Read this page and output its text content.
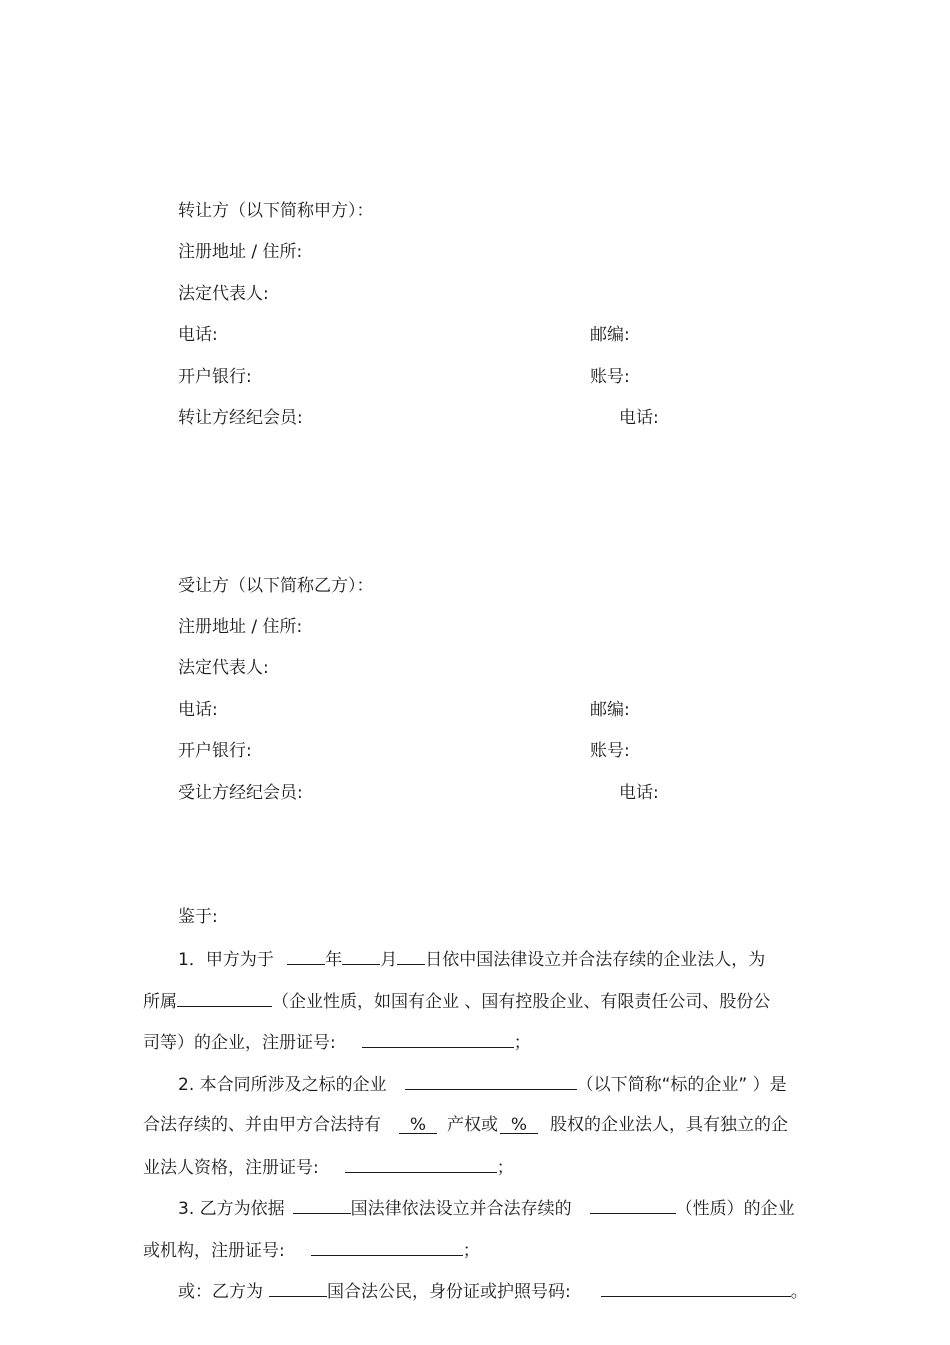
转让方（以下简称甲方）：
注册地址 / 住所:
法定代表人:
电话:	邮编:
开户银行:	账号:
转让方经纪会员:	电话:
受让方（以下简称乙方）：
注册地址 / 住所:
法定代表人:
电话:	邮编:
开户银行:	账号:
受让方经纪会员:	电话:
鉴于:
1．甲方为于	年 月 日依中国法律设立并合法存续的企业法人，为
所属	（企业性质，如国有企业 、国有控股企业、有限责任公司、股份公
司等）的企业，注册证号:	；
2. 本合同所涉及之标的企业	（以下简称“标的企业” ）是
合法存续的、并由甲方合法持有 % 产权或 % 股权的企业法人，具有独立的企
业法人资格，注册证号:	；
3. 乙方为依据	国法律依法设立并合法存续的	（性质）的企业
或机构，注册证号:	；
或：乙方为	国合法公民，身份证或护照号码:	。
